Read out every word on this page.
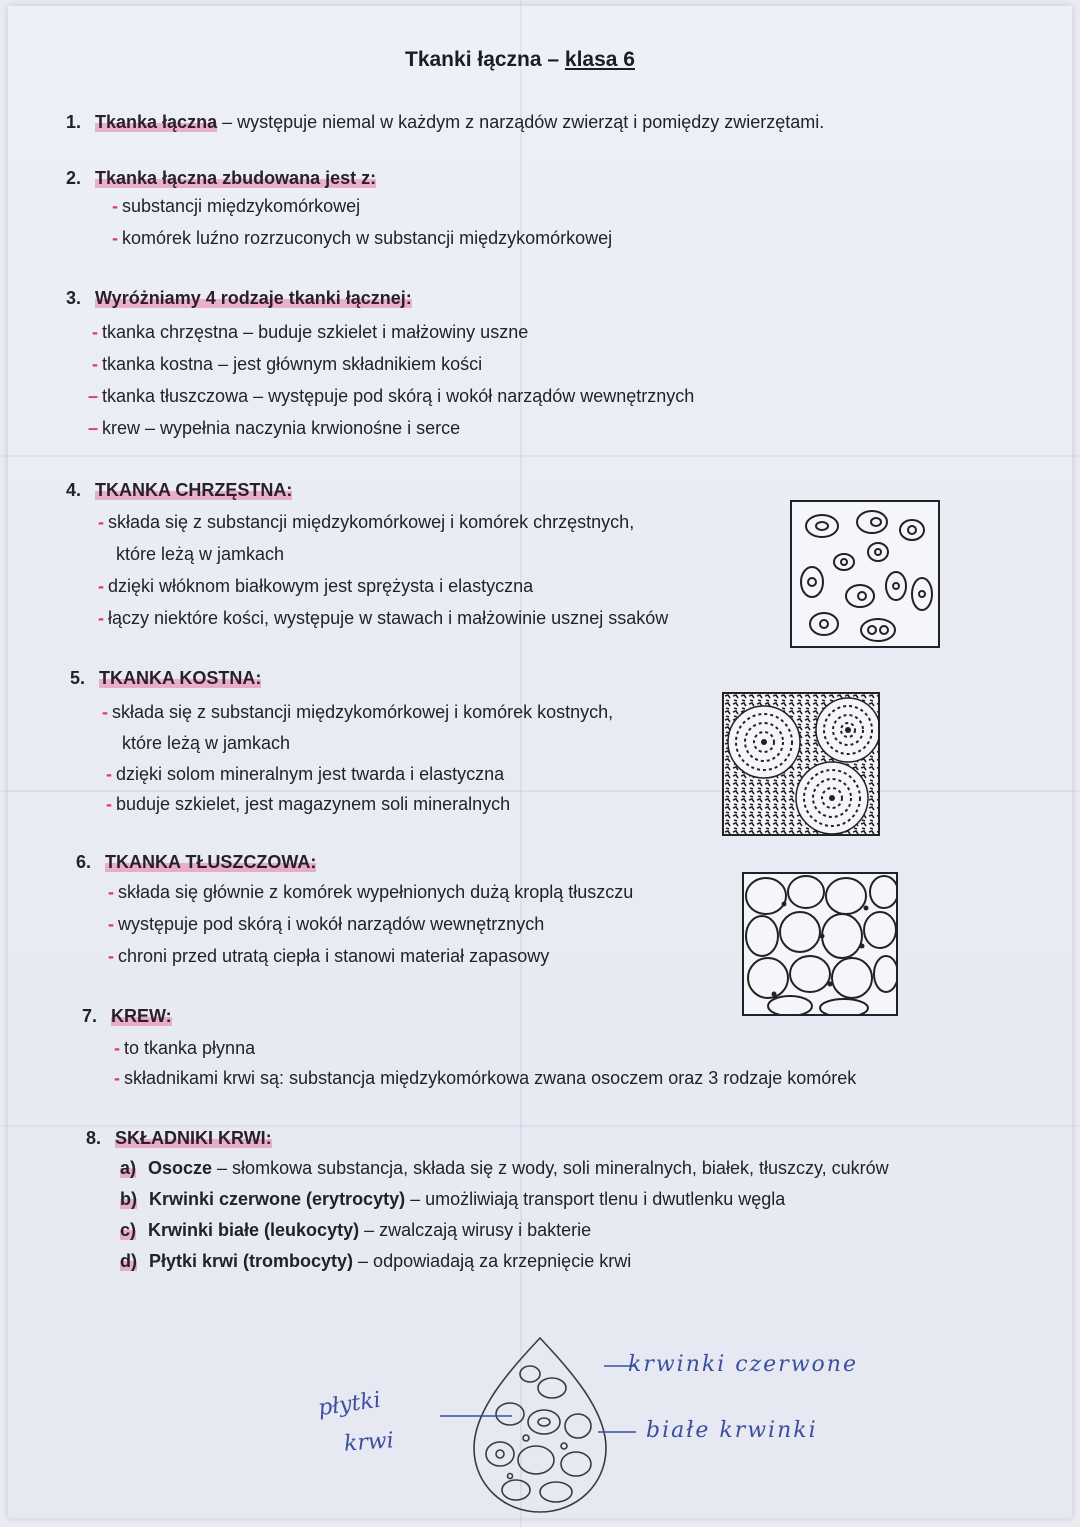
Tkanki łączna – klasa 6
1. Tkanka łączna – występuje niemal w każdym z narządów zwierząt i pomiędzy zwierzętami.
2. Tkanka łączna zbudowana jest z:
- substancji międzykomórkowej
- komórek luźno rozrzuconych w substancji międzykomórkowej
3. Wyróżniamy 4 rodzaje tkanki łącznej:
- tkanka chrzęstna – buduje szkielet i małżowiny uszne
- tkanka kostna – jest głównym składnikiem kości
– tkanka tłuszczowa – występuje pod skórą i wokół narządów wewnętrznych
– krew – wypełnia naczynia krwionośne i serce
4. TKANKA CHRZĘSTNA:
- składa się z substancji międzykomórkowej i komórek chrzęstnych,
które leżą w jamkach
- dzięki włóknom białkowym jest sprężysta i elastyczna
- łączy niektóre kości, występuje w stawach i małżowinie usznej ssaków
5. TKANKA KOSTNA:
- składa się z substancji międzykomórkowej i komórek kostnych,
które leżą w jamkach
- dzięki solom mineralnym jest twarda i elastyczna
- buduje szkielet, jest magazynem soli mineralnych
6. TKANKA TŁUSZCZOWA:
- składa się głównie z komórek wypełnionych dużą kroplą tłuszczu
- występuje pod skórą i wokół narządów wewnętrznych
- chroni przed utratą ciepła i stanowi materiał zapasowy
7. KREW:
- to tkanka płynna
- składnikami krwi są: substancja międzykomórkowa zwana osoczem oraz 3 rodzaje komórek
8. SKŁADNIKI KRWI:
a) Osocze – słomkowa substancja, składa się z wody, soli mineralnych, białek, tłuszczy, cukrów
b) Krwinki czerwone (erytrocyty) – umożliwiają transport tlenu i dwutlenku węgla
c) Krwinki białe (leukocyty) – zwalczają wirusy i bakterie
d) Płytki krwi (trombocyty) – odpowiadają za krzepnięcie krwi
krwinki czerwone
białe krwinki
płytki
krwi
